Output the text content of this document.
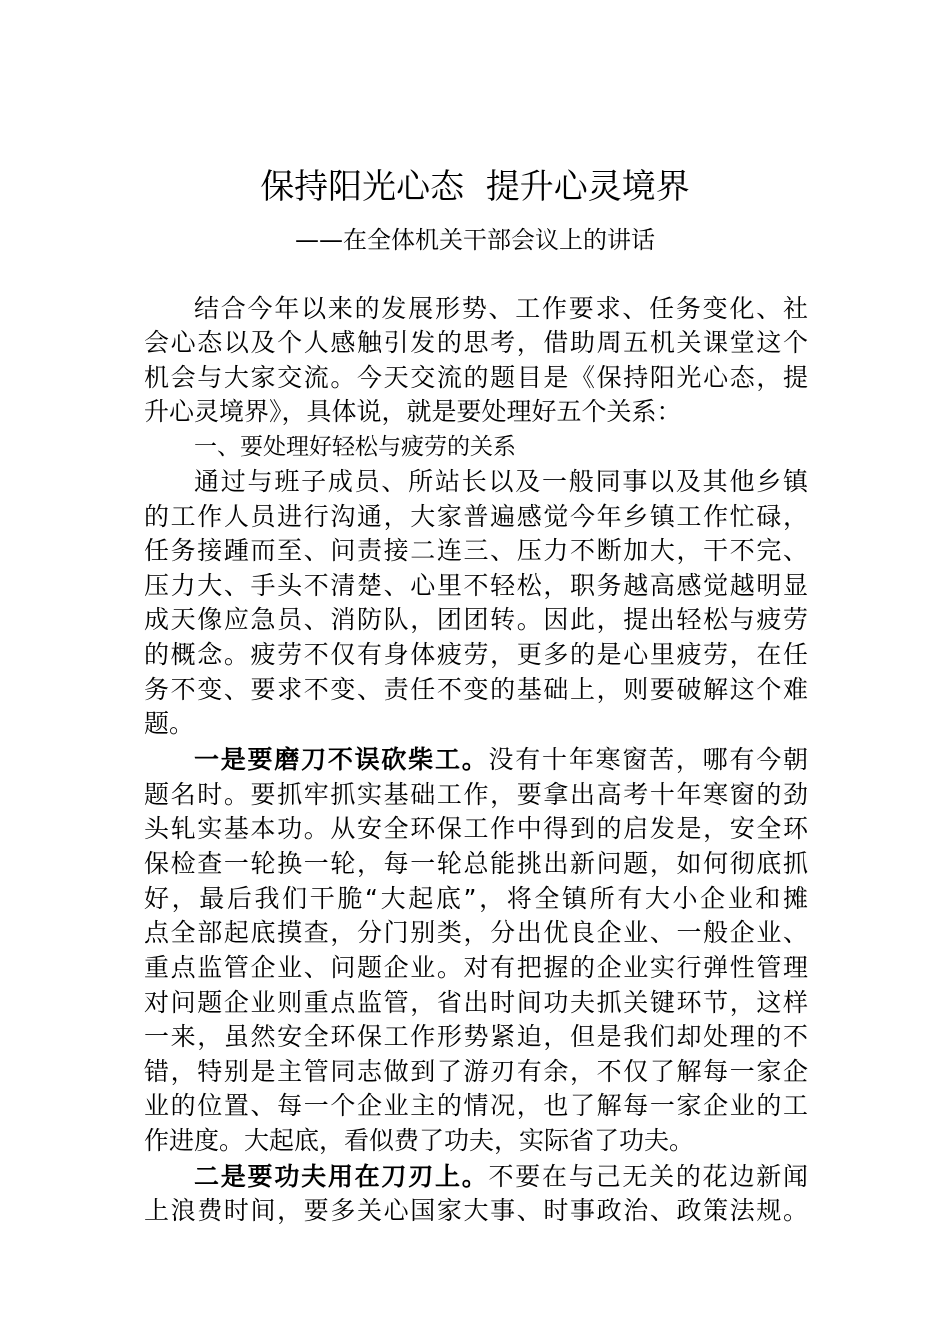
保持阳光心态  提升心灵境界
——在全体机关干部会议上的讲话
结合今年以来的发展形势、工作要求、任务变化、社
会心态以及个人感触引发的思考，借助周五机关课堂这个
机会与大家交流。今天交流的题目是《保持阳光心态，提
升心灵境界》，具体说，就是要处理好五个关系：
一、要处理好轻松与疲劳的关系
通过与班子成员、所站长以及一般同事以及其他乡镇
的工作人员进行沟通，大家普遍感觉今年乡镇工作忙碌，
任务接踵而至、问责接二连三、压力不断加大，干不完、
压力大、手头不清楚、心里不轻松，职务越高感觉越明显
成天像应急员、消防队，团团转。因此，提出轻松与疲劳
的概念。疲劳不仅有身体疲劳，更多的是心里疲劳，在任
务不变、要求不变、责任不变的基础上，则要破解这个难
题。
一是要磨刀不误砍柴工。没有十年寒窗苦，哪有今朝
题名时。要抓牢抓实基础工作，要拿出高考十年寒窗的劲
头轧实基本功。从安全环保工作中得到的启发是，安全环
保检查一轮换一轮，每一轮总能挑出新问题，如何彻底抓
好，最后我们干脆“大起底”，将全镇所有大小企业和摊
点全部起底摸查，分门别类，分出优良企业、一般企业、
重点监管企业、问题企业。对有把握的企业实行弹性管理
对问题企业则重点监管，省出时间功夫抓关键环节，这样
一来，虽然安全环保工作形势紧迫，但是我们却处理的不
错，特别是主管同志做到了游刃有余，不仅了解每一家企
业的位置、每一个企业主的情况，也了解每一家企业的工
作进度。大起底，看似费了功夫，实际省了功夫。
二是要功夫用在刀刃上。不要在与己无关的花边新闻
上浪费时间，要多关心国家大事、时事政治、政策法规。
